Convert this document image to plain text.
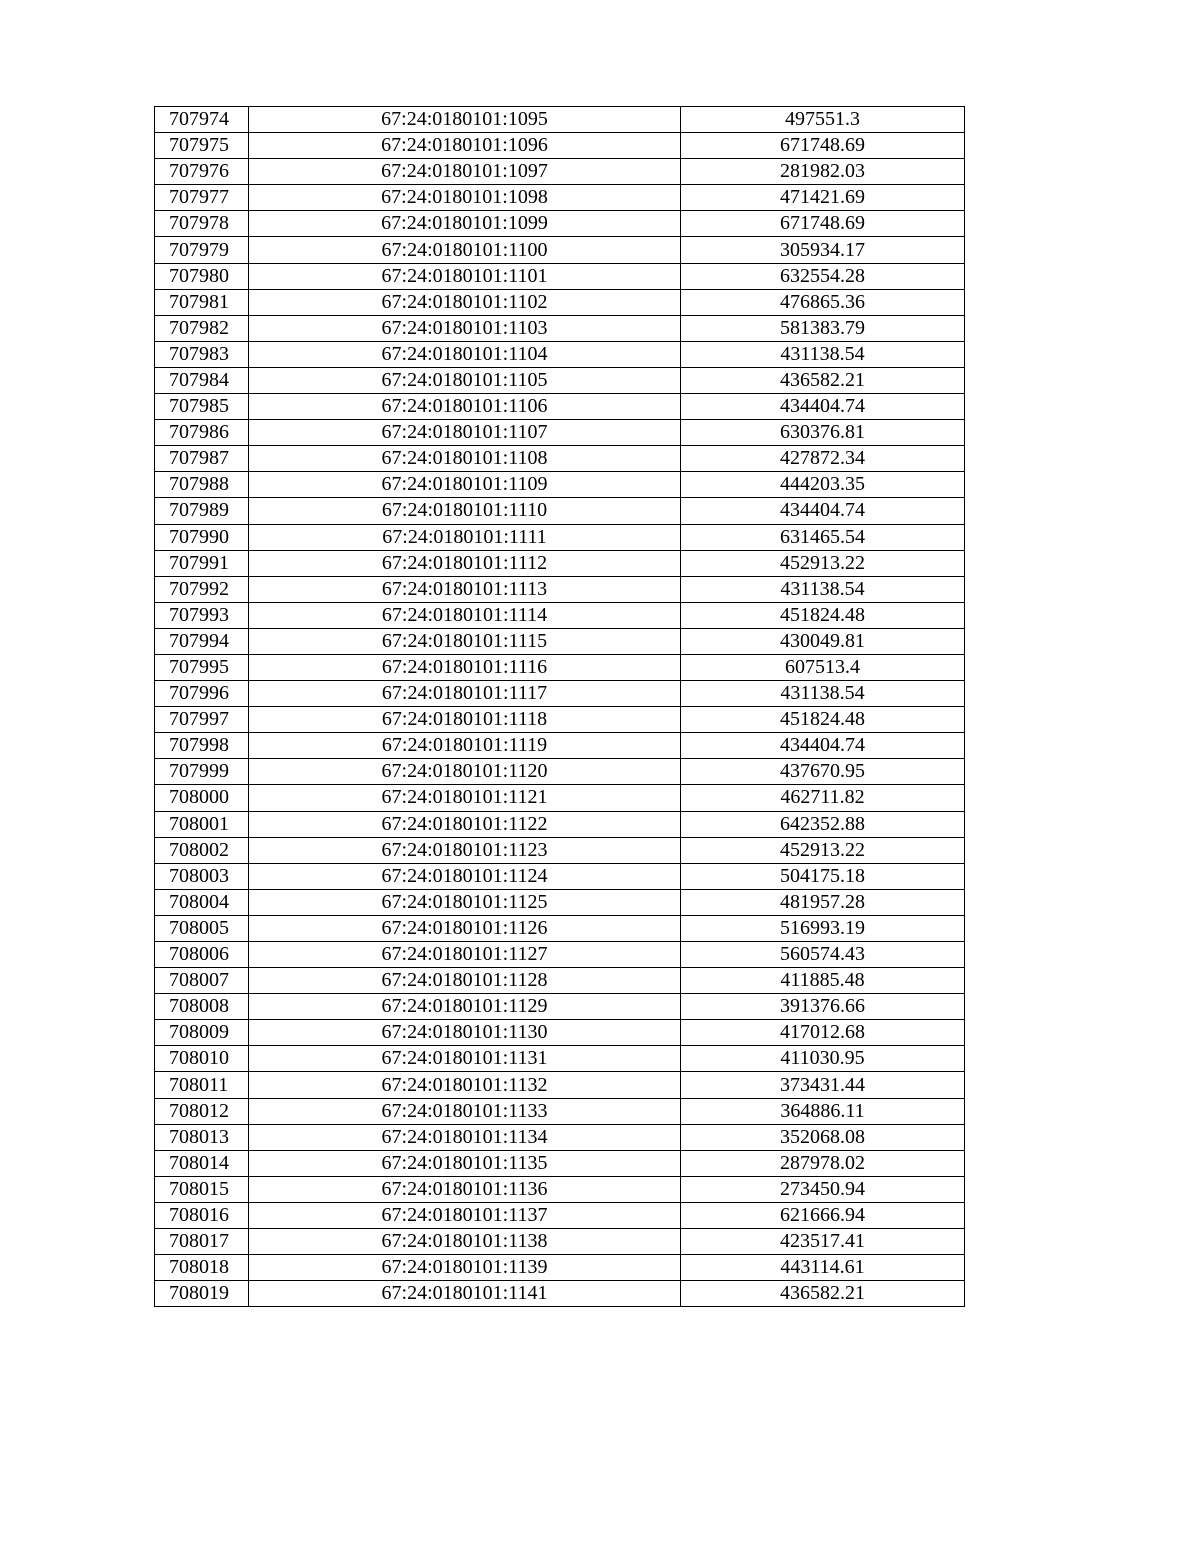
707974	67:24:0180101:1095	497551.3
707975	67:24:0180101:1096	671748.69
707976	67:24:0180101:1097	281982.03
707977	67:24:0180101:1098	471421.69
707978	67:24:0180101:1099	671748.69
707979	67:24:0180101:1100	305934.17
707980	67:24:0180101:1101	632554.28
707981	67:24:0180101:1102	476865.36
707982	67:24:0180101:1103	581383.79
707983	67:24:0180101:1104	431138.54
707984	67:24:0180101:1105	436582.21
707985	67:24:0180101:1106	434404.74
707986	67:24:0180101:1107	630376.81
707987	67:24:0180101:1108	427872.34
707988	67:24:0180101:1109	444203.35
707989	67:24:0180101:1110	434404.74
707990	67:24:0180101:1111	631465.54
707991	67:24:0180101:1112	452913.22
707992	67:24:0180101:1113	431138.54
707993	67:24:0180101:1114	451824.48
707994	67:24:0180101:1115	430049.81
707995	67:24:0180101:1116	607513.4
707996	67:24:0180101:1117	431138.54
707997	67:24:0180101:1118	451824.48
707998	67:24:0180101:1119	434404.74
707999	67:24:0180101:1120	437670.95
708000	67:24:0180101:1121	462711.82
708001	67:24:0180101:1122	642352.88
708002	67:24:0180101:1123	452913.22
708003	67:24:0180101:1124	504175.18
708004	67:24:0180101:1125	481957.28
708005	67:24:0180101:1126	516993.19
708006	67:24:0180101:1127	560574.43
708007	67:24:0180101:1128	411885.48
708008	67:24:0180101:1129	391376.66
708009	67:24:0180101:1130	417012.68
708010	67:24:0180101:1131	411030.95
708011	67:24:0180101:1132	373431.44
708012	67:24:0180101:1133	364886.11
708013	67:24:0180101:1134	352068.08
708014	67:24:0180101:1135	287978.02
708015	67:24:0180101:1136	273450.94
708016	67:24:0180101:1137	621666.94
708017	67:24:0180101:1138	423517.41
708018	67:24:0180101:1139	443114.61
708019	67:24:0180101:1141	436582.21
